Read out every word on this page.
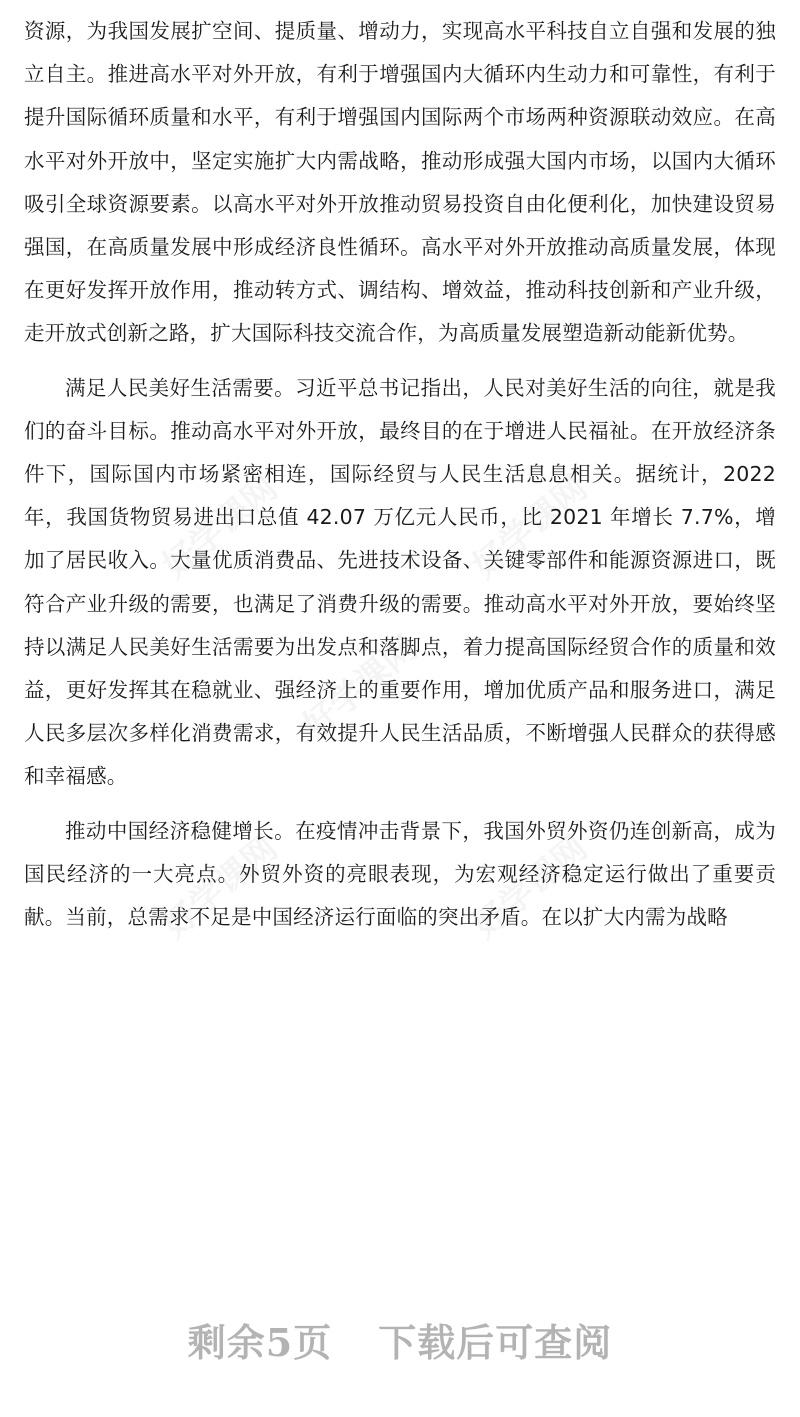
好学课网	好学课网
好学课网
好学课网	好学课网

资源，为我国发展扩空间、提质量、增动力，实现高水平科技自立自强和发展的独立自主。推进高水平对外开放，有利于增强国内大循环内生动力和可靠性，有利于提升国际循环质量和水平，有利于增强国内国际两个市场两种资源联动效应。在高水平对外开放中，坚定实施扩大内需战略，推动形成强大国内市场，以国内大循环吸引全球资源要素。以高水平对外开放推动贸易投资自由化便利化，加快建设贸易强国，在高质量发展中形成经济良性循环。高水平对外开放推动高质量发展，体现在更好发挥开放作用，推动转方式、调结构、增效益，推动科技创新和产业升级，走开放式创新之路，扩大国际科技交流合作，为高质量发展塑造新动能新优势。

满足人民美好生活需要。习近平总书记指出，人民对美好生活的向往，就是我们的奋斗目标。推动高水平对外开放，最终目的在于增进人民福祉。在开放经济条件下，国际国内市场紧密相连，国际经贸与人民生活息息相关。据统计，2022年，我国货物贸易进出口总值 42.07 万亿元人民币，比 2021 年增长 7.7%，增加了居民收入。大量优质消费品、先进技术设备、关键零部件和能源资源进口，既符合产业升级的需要，也满足了消费升级的需要。推动高水平对外开放，要始终坚持以满足人民美好生活需要为出发点和落脚点，着力提高国际经贸合作的质量和效益，更好发挥其在稳就业、强经济上的重要作用，增加优质产品和服务进口，满足人民多层次多样化消费需求，有效提升人民生活品质，不断增强人民群众的获得感和幸福感。

推动中国经济稳健增长。在疫情冲击背景下，我国外贸外资仍连创新高，成为国民经济的一大亮点。外贸外资的亮眼表现，为宏观经济稳定运行做出了重要贡献。当前，总需求不足是中国经济运行面临的突出矛盾。在以扩大内需为战略

剩余5页 下载后可查阅
